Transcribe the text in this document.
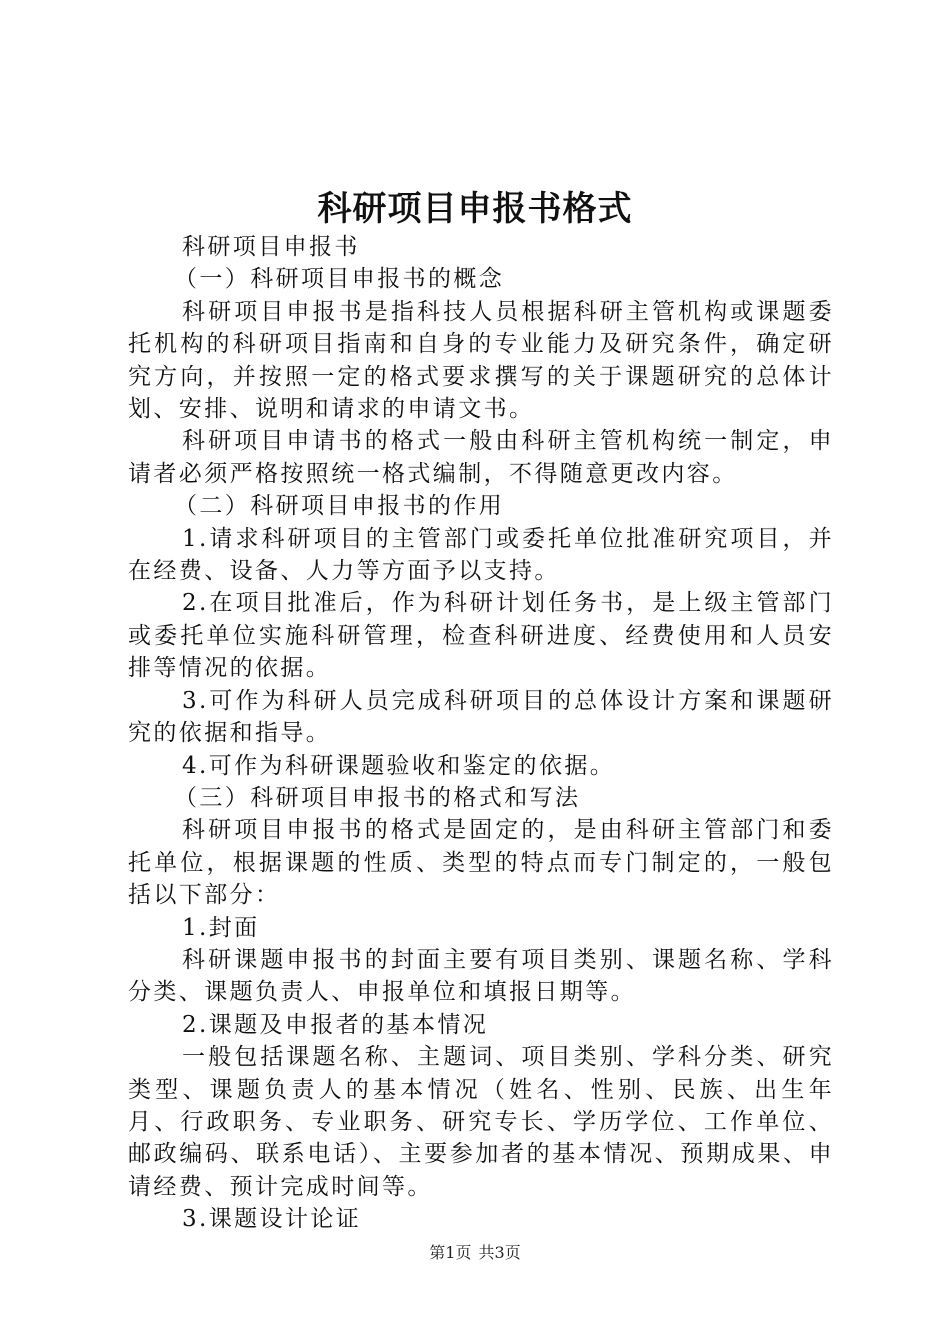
科研项目申报书格式

科研项目申报书

（一）科研项目申报书的概念

科研项目申报书是指科技人员根据科研主管机构或课题委托机构的科研项目指南和自身的专业能力及研究条件，确定研究方向，并按照一定的格式要求撰写的关于课题研究的总体计划、安排、说明和请求的申请文书。

科研项目申请书的格式一般由科研主管机构统一制定，申请者必须严格按照统一格式编制，不得随意更改内容。

（二）科研项目申报书的作用

1.请求科研项目的主管部门或委托单位批准研究项目，并在经费、设备、人力等方面予以支持。

2.在项目批准后，作为科研计划任务书，是上级主管部门或委托单位实施科研管理，检查科研进度、经费使用和人员安排等情况的依据。

3.可作为科研人员完成科研项目的总体设计方案和课题研究的依据和指导。

4.可作为科研课题验收和鉴定的依据。

（三）科研项目申报书的格式和写法

科研项目申报书的格式是固定的，是由科研主管部门和委托单位，根据课题的性质、类型的特点而专门制定的，一般包括以下部分：

1.封面

科研课题申报书的封面主要有项目类别、课题名称、学科分类、课题负责人、申报单位和填报日期等。

2.课题及申报者的基本情况

一般包括课题名称、主题词、项目类别、学科分类、研究类型、课题负责人的基本情况（姓名、性别、民族、出生年月、行政职务、专业职务、研究专长、学历学位、工作单位、邮政编码、联系电话）、主要参加者的基本情况、预期成果、申请经费、预计完成时间等。

3.课题设计论证

第1页 共3页
